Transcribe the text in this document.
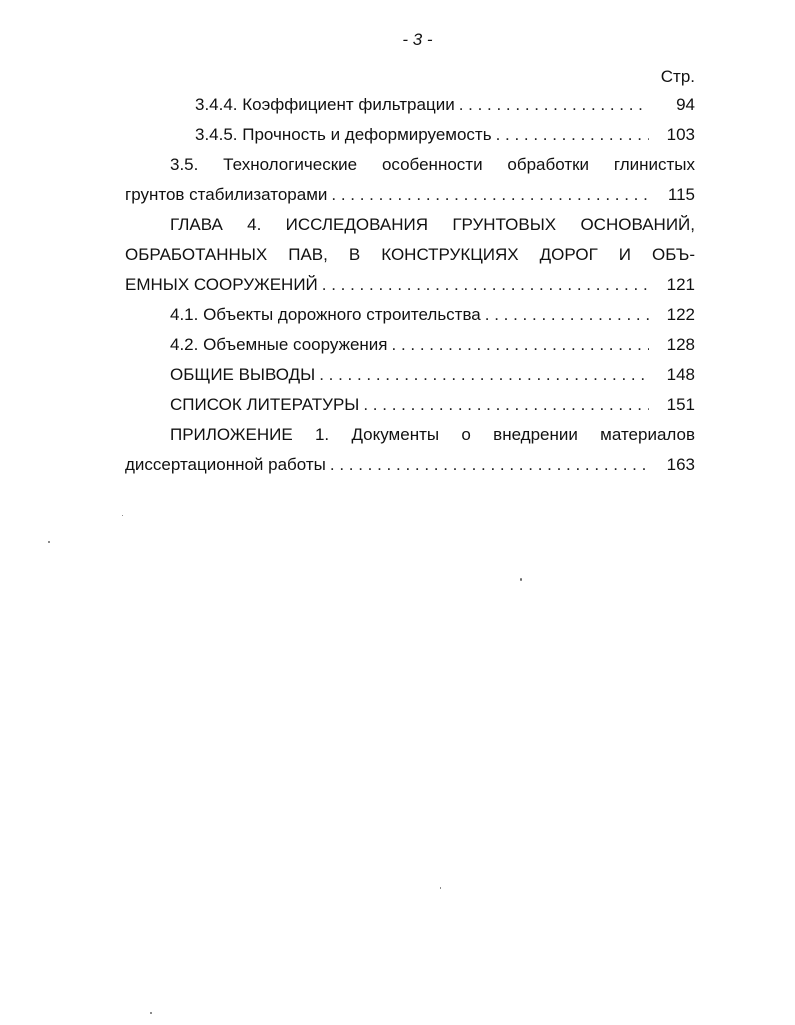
- 3 -
Стр.
3.4.4. Коэффициент фильтрации . . .	94
3.4.5. Прочность и деформируемость . . .	103
3.5. Технологические особенности обработки глинистых
грунтов стабилизаторами . . .	115
ГЛАВА 4. ИССЛЕДОВАНИЯ ГРУНТОВЫХ ОСНОВАНИЙ,
ОБРАБОТАННЫХ ПАВ, В КОНСТРУКЦИЯХ ДОРОГ И ОБЪ-
ЕМНЫХ СООРУЖЕНИЙ . . .	121
4.1. Объекты дорожного строительства . . .	122
4.2. Объемные сооружения . . .	128
ОБЩИЕ ВЫВОДЫ . . .	148
СПИСОК ЛИТЕРАТУРЫ . . .	151
ПРИЛОЖЕНИЕ 1. Документы о внедрении материалов
диссертационной работы . . .	163
